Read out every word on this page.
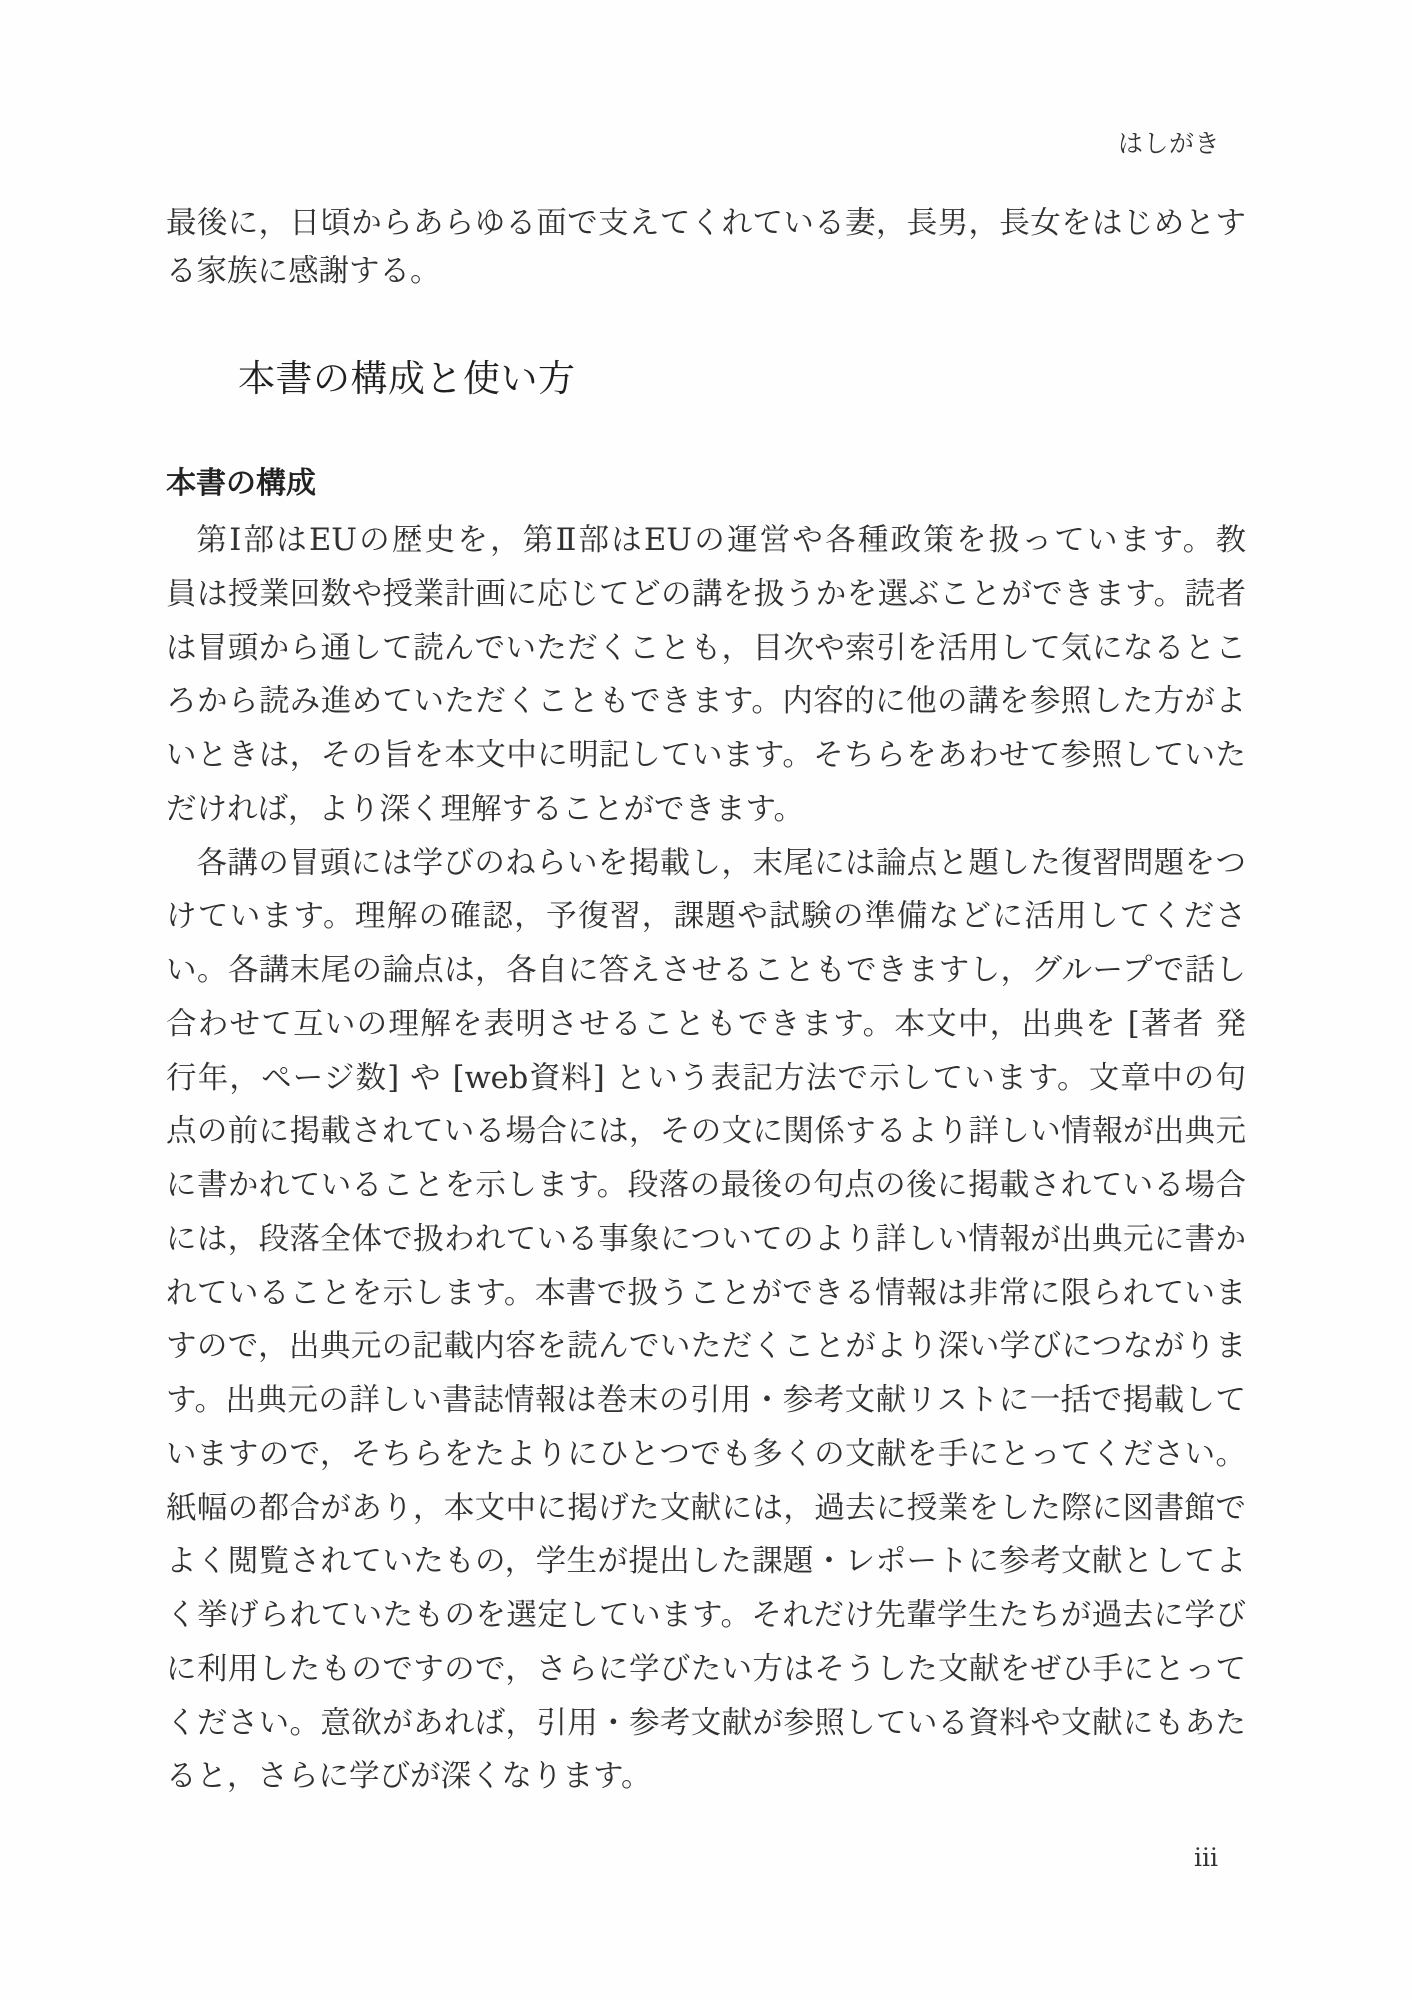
はしがき
最後に，日頃からあらゆる面で支えてくれている妻，長男，長女をはじめとす
る家族に感謝する。
本書の構成と使い方
本書の構成
第Ⅰ部はEUの歴史を，第Ⅱ部はEUの運営や各種政策を扱っています。教
員は授業回数や授業計画に応じてどの講を扱うかを選ぶことができます。読者
は冒頭から通して読んでいただくことも，目次や索引を活用して気になるとこ
ろから読み進めていただくこともできます。内容的に他の講を参照した方がよ
いときは，その旨を本文中に明記しています。そちらをあわせて参照していた
だければ，より深く理解することができます。
各講の冒頭には学びのねらいを掲載し，末尾には論点と題した復習問題をつ
けています。理解の確認，予復習，課題や試験の準備などに活用してくださ
い。各講末尾の論点は，各自に答えさせることもできますし，グループで話し
合わせて互いの理解を表明させることもできます。本文中，出典を [著者 発
行年，ページ数] や [web資料] という表記方法で示しています。文章中の句
点の前に掲載されている場合には，その文に関係するより詳しい情報が出典元
に書かれていることを示します。段落の最後の句点の後に掲載されている場合
には，段落全体で扱われている事象についてのより詳しい情報が出典元に書か
れていることを示します。本書で扱うことができる情報は非常に限られていま
すので，出典元の記載内容を読んでいただくことがより深い学びにつながりま
す。出典元の詳しい書誌情報は巻末の引用・参考文献リストに一括で掲載して
いますので，そちらをたよりにひとつでも多くの文献を手にとってください。
紙幅の都合があり，本文中に掲げた文献には，過去に授業をした際に図書館で
よく閲覧されていたもの，学生が提出した課題・レポートに参考文献としてよ
く挙げられていたものを選定しています。それだけ先輩学生たちが過去に学び
に利用したものですので，さらに学びたい方はそうした文献をぜひ手にとって
ください。意欲があれば，引用・参考文献が参照している資料や文献にもあた
ると，さらに学びが深くなります。
iii
